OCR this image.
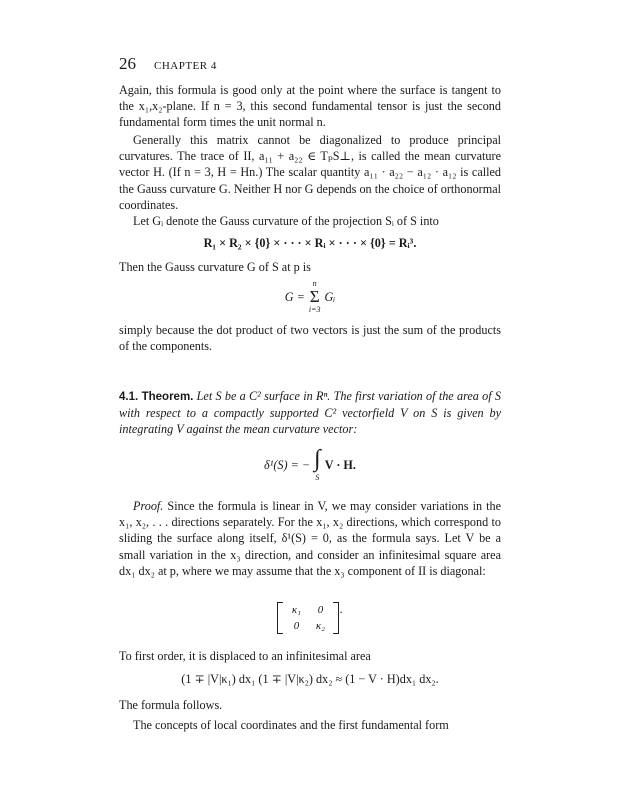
26 CHAPTER 4

Again, this formula is good only at the point where the surface is tangent to the x₁,x₂-plane. If n = 3, this second fundamental tensor is just the second fundamental form times the unit normal n.

Generally this matrix cannot be diagonalized to produce principal curvatures. The trace of II, a₁₁ + a₂₂ ∈ TₚS⊥, is called the mean curvature vector H. (If n = 3, H = Hn.) The scalar quantity a₁₁ · a₂₂ − a₁₂ · a₁₂ is called the Gauss curvature G. Neither H nor G depends on the choice of orthonormal coordinates.

Let Gᵢ denote the Gauss curvature of the projection Sᵢ of S into

R₁ × R₂ × {0} × · · · × Rᵢ × · · · × {0} = Rᵢ³.

Then the Gauss curvature G of S at p is

G =
n
Σ
i=3
Gᵢ

simply because the dot product of two vectors is just the sum of the products of the components.

4.1. Theorem. Let S be a C² surface in Rⁿ. The first variation of the area of S with respect to a compactly supported C² vectorfield V on S is given by integrating V against the mean curvature vector:

δ¹(S) = − ∫
S
V · H.

Proof. Since the formula is linear in V, we may consider variations in the x₁, x₂, . . . directions separately. For the x₁, x₂ directions, which correspond to sliding the surface along itself, δ¹(S) = 0, as the formula says. Let V be a small variation in the x₃ direction, and consider an infinitesimal square area dx₁ dx₂ at p, where we may assume that the x₃ component of II is diagonal:

κ₁	0
0	κ₂
.

To first order, it is displaced to an infinitesimal area

(1 ∓ |V|κ₁) dx₁ (1 ∓ |V|κ₂) dx₂ ≈ (1 − V · H)dx₁ dx₂.

The formula follows.

The concepts of local coordinates and the first fundamental form
